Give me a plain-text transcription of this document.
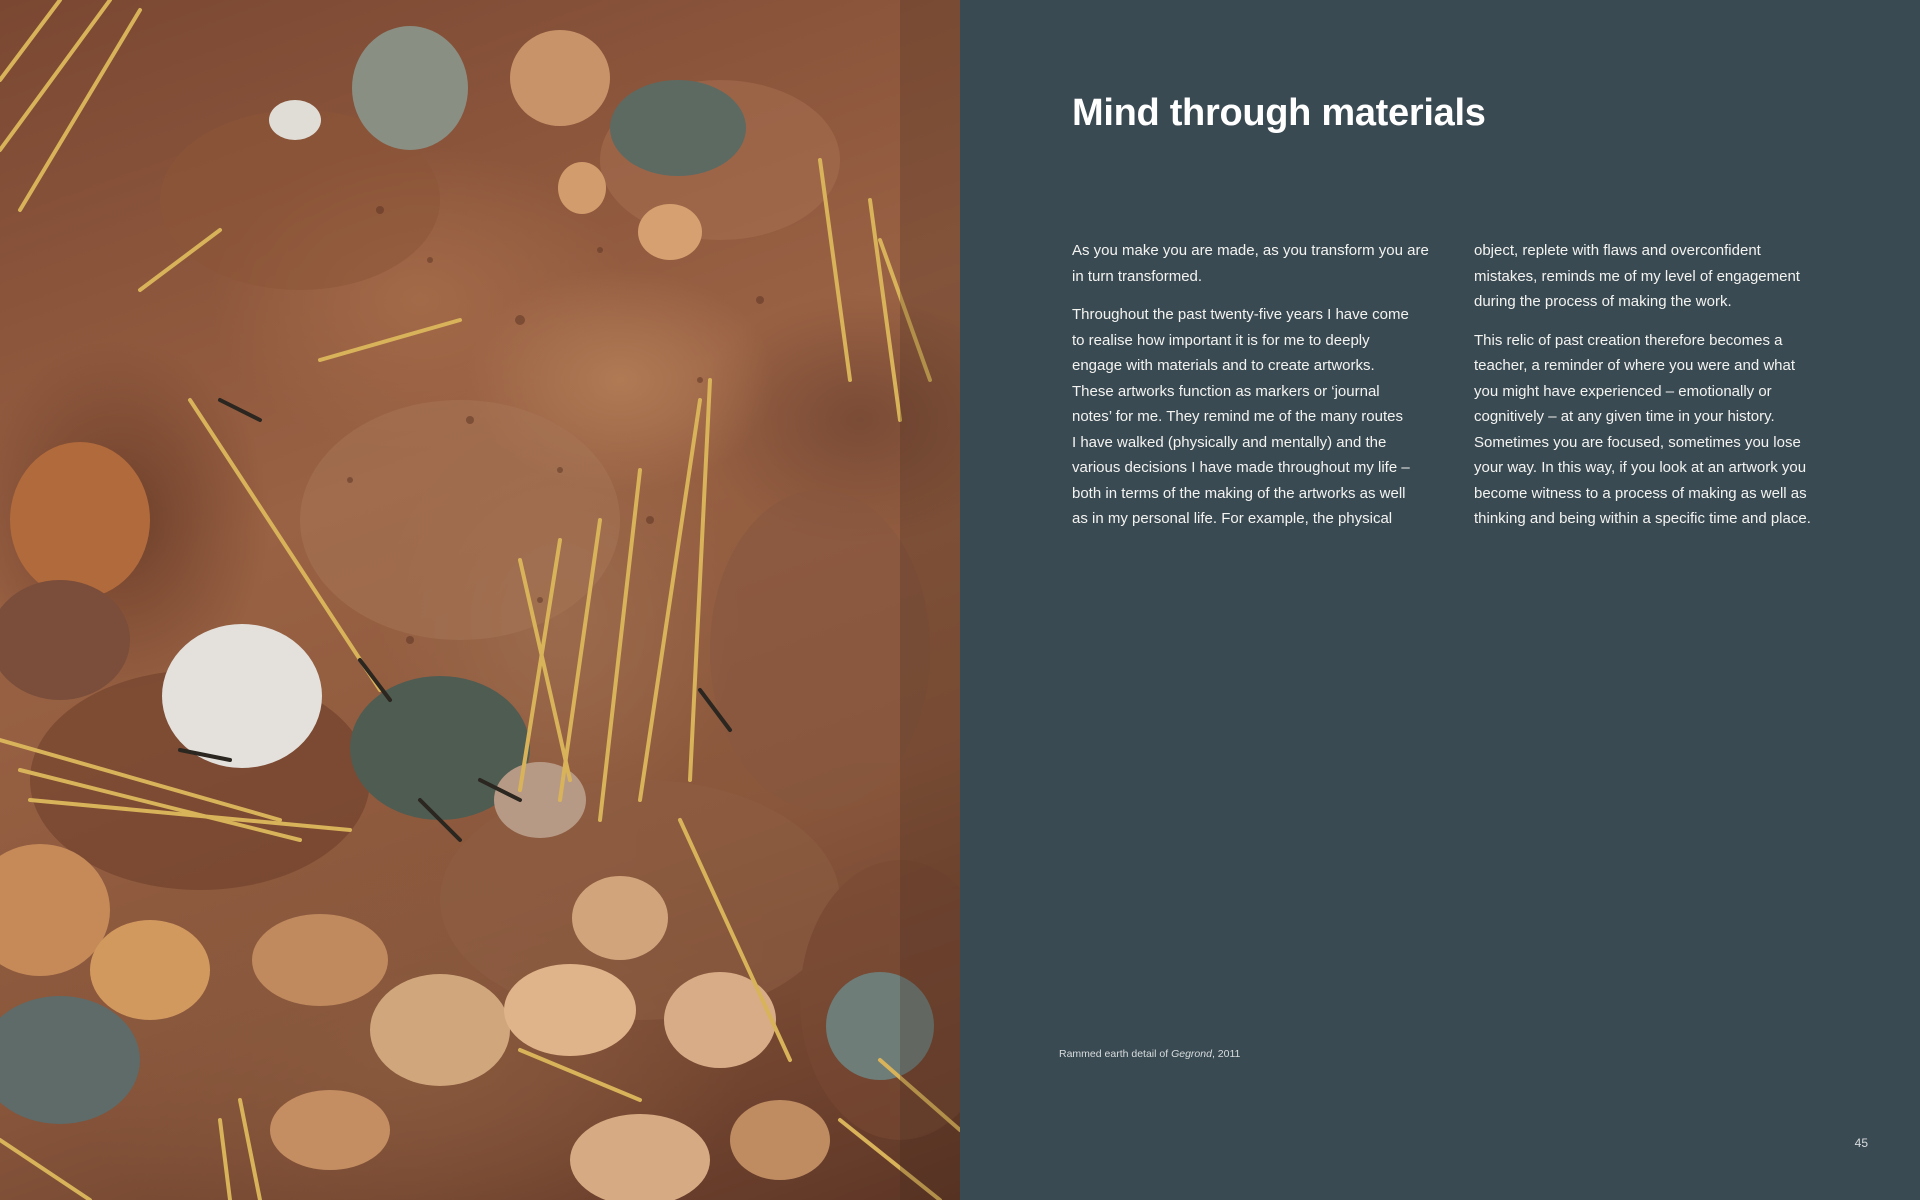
Mind through materials

As you make you are made, as you transform you are
in turn transformed.

Throughout the past twenty-five years I have come
to realise how important it is for me to deeply
engage with materials and to create artworks.
These artworks function as markers or ‘journal
notes’ for me. They remind me of the many routes
I have walked (physically and mentally) and the
various decisions I have made throughout my life –
both in terms of the making of the artworks as well
as in my personal life. For example, the physical

object, replete with flaws and overconfident
mistakes, reminds me of my level of engagement
during the process of making the work.

This relic of past creation therefore becomes a
teacher, a reminder of where you were and what
you might have experienced – emotionally or
cognitively – at any given time in your history.
Sometimes you are focused, sometimes you lose
your way. In this way, if you look at an artwork you
become witness to a process of making as well as
thinking and being within a specific time and place.

Rammed earth detail of Gegrond, 2011
45
